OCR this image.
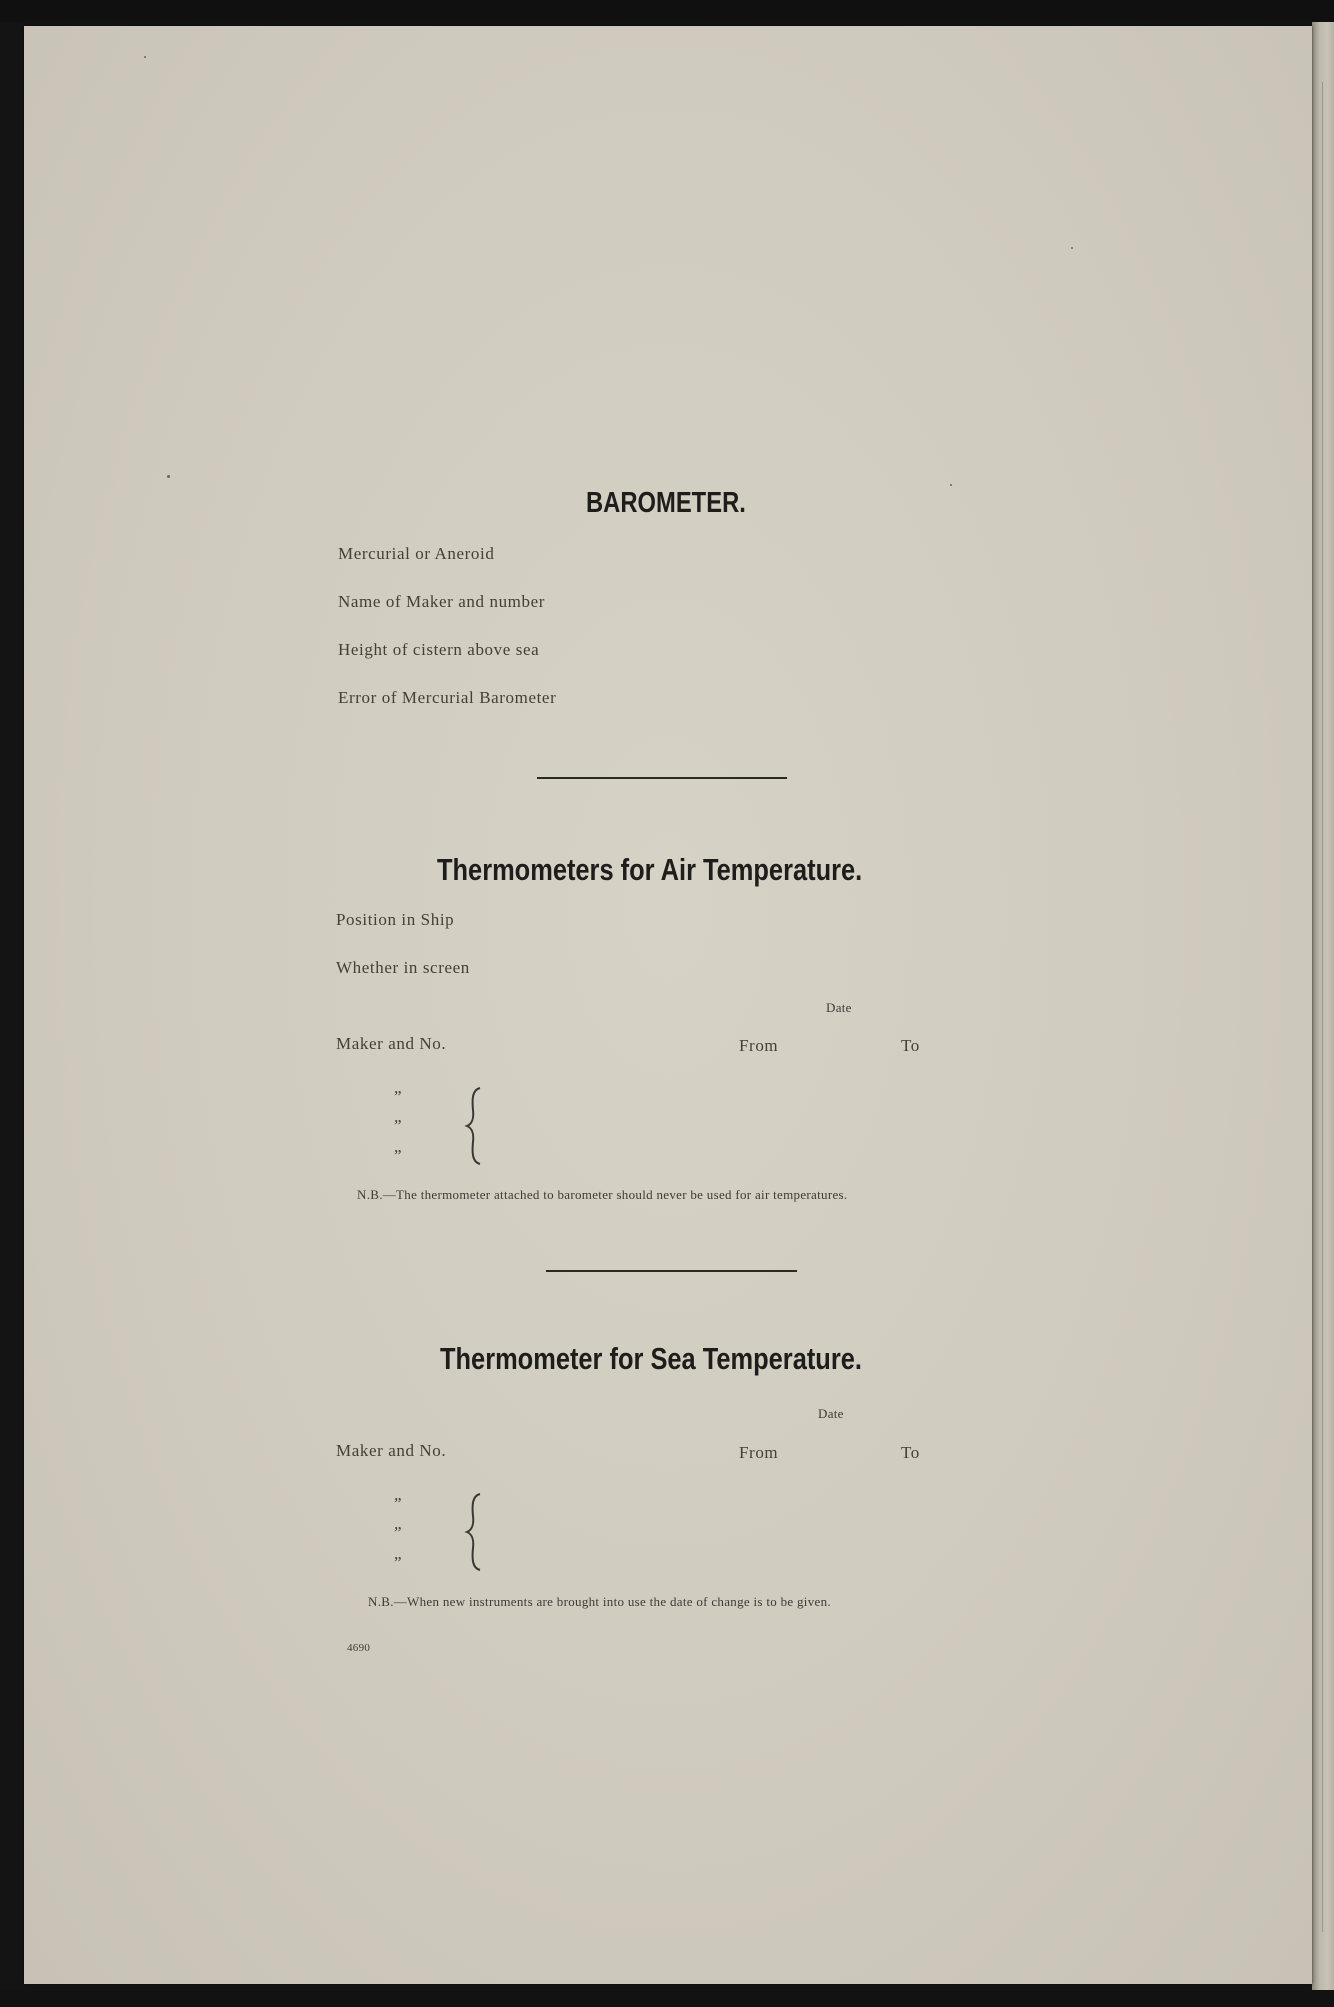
BAROMETER.
Mercurial or Aneroid
Name of Maker and number
Height of cistern above sea
Error of Mercurial Barometer
Thermometers for Air Temperature.
Position in Ship
Whether in screen
Date
Maker and No.	From	To
”
”
”
N.B.—The thermometer attached to barometer should never be used for air temperatures.
Thermometer for Sea Temperature.
Date
Maker and No.	From	To
”
”
”
N.B.—When new instruments are brought into use the date of change is to be given.
4690
